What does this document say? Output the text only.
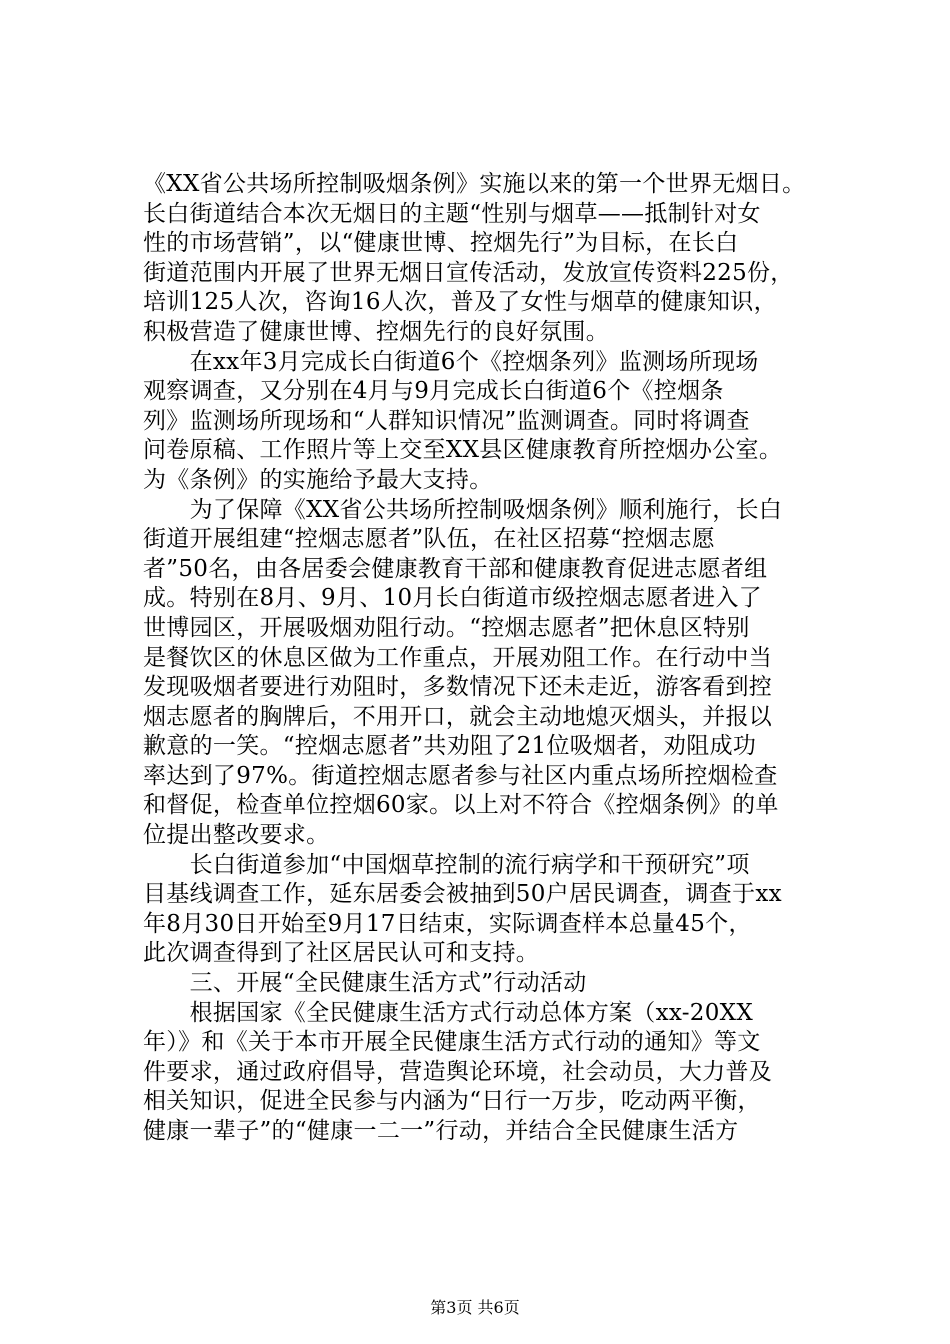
《XX省公共场所控制吸烟条例》实施以来的第一个世界无烟日。
长白街道结合本次无烟日的主题“性别与烟草——抵制针对女
性的市场营销”，以“健康世博、控烟先行”为目标，在长白
街道范围内开展了世界无烟日宣传活动，发放宣传资料225份，
培训125人次，咨询16人次，普及了女性与烟草的健康知识，
积极营造了健康世博、控烟先行的良好氛围。
　　在xx年3月完成长白街道6个《控烟条列》监测场所现场
观察调查，又分别在4月与9月完成长白街道6个《控烟条
列》监测场所现场和“人群知识情况”监测调查。同时将调查
问卷原稿、工作照片等上交至XX县区健康教育所控烟办公室。
为《条例》的实施给予最大支持。
　　为了保障《XX省公共场所控制吸烟条例》顺利施行，长白
街道开展组建“控烟志愿者”队伍，在社区招募“控烟志愿
者”50名，由各居委会健康教育干部和健康教育促进志愿者组
成。特别在8月、9月、10月长白街道市级控烟志愿者进入了
世博园区，开展吸烟劝阻行动。“控烟志愿者”把休息区特别
是餐饮区的休息区做为工作重点，开展劝阻工作。在行动中当
发现吸烟者要进行劝阻时，多数情况下还未走近，游客看到控
烟志愿者的胸牌后，不用开口，就会主动地熄灭烟头，并报以
歉意的一笑。“控烟志愿者”共劝阻了21位吸烟者，劝阻成功
率达到了97%。街道控烟志愿者参与社区内重点场所控烟检查
和督促，检查单位控烟60家。以上对不符合《控烟条例》的单
位提出整改要求。
　　长白街道参加“中国烟草控制的流行病学和干预研究”项
目基线调查工作，延东居委会被抽到50户居民调查，调查于xx
年8月30日开始至9月17日结束，实际调查样本总量45个，
此次调查得到了社区居民认可和支持。
　　三、开展“全民健康生活方式”行动活动
　　根据国家《全民健康生活方式行动总体方案（xx-20XX
年）》和《关于本市开展全民健康生活方式行动的通知》等文
件要求，通过政府倡导，营造舆论环境，社会动员，大力普及
相关知识，促进全民参与内涵为“日行一万步，吃动两平衡，
健康一辈子”的“健康一二一”行动，并结合全民健康生活方
第3页 共6页
